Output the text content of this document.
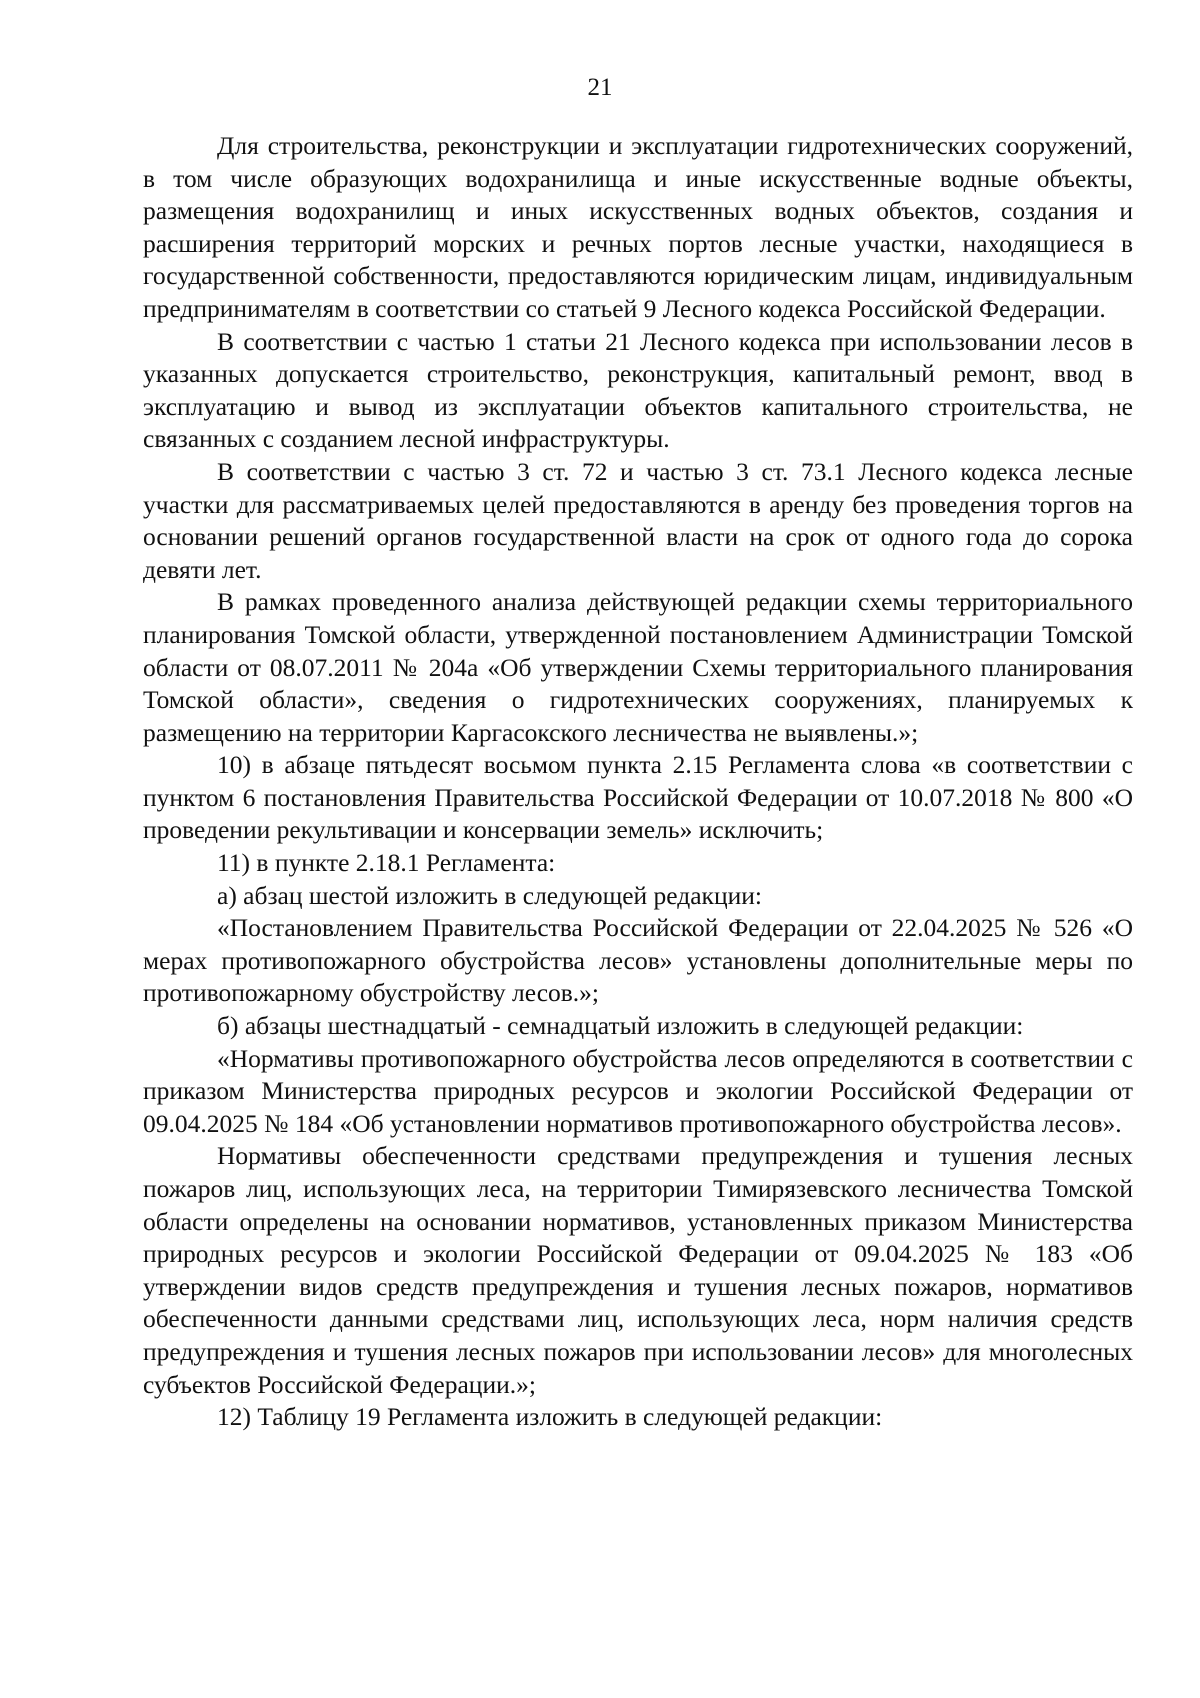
21

Для строительства, реконструкции и эксплуатации гидротехнических сооружений, в том числе образующих водохранилища и иные искусственные водные объекты, размещения водохранилищ и иных искусственных водных объектов, создания и расширения территорий морских и речных портов лесные участки, находящиеся в государственной собственности, предоставляются юридическим лицам, индивидуальным предпринимателям в соответствии со статьей 9 Лесного кодекса Российской Федерации.

В соответствии с частью 1 статьи 21 Лесного кодекса при использовании лесов в указанных допускается строительство, реконструкция, капитальный ремонт, ввод в эксплуатацию и вывод из эксплуатации объектов капитального строительства, не связанных с созданием лесной инфраструктуры.

В соответствии с частью 3 ст. 72 и частью 3 ст. 73.1 Лесного кодекса лесные участки для рассматриваемых целей предоставляются в аренду без проведения торгов на основании решений органов государственной власти на срок от одного года до сорока девяти лет.

В рамках проведенного анализа действующей редакции схемы территориального планирования Томской области, утвержденной постановлением Администрации Томской области от 08.07.2011 № 204а «Об утверждении Схемы территориального планирования Томской области», сведения о гидротехнических сооружениях, планируемых к размещению на территории Каргасокского лесничества не выявлены.»;

10) в абзаце пятьдесят восьмом пункта 2.15 Регламента слова «в соответствии с пунктом 6 постановления Правительства Российской Федерации от 10.07.2018 № 800 «О проведении рекультивации и консервации земель» исключить;

11) в пункте 2.18.1 Регламента:

а) абзац шестой изложить в следующей редакции:

«Постановлением Правительства Российской Федерации от 22.04.2025 № 526 «О мерах противопожарного обустройства лесов» установлены дополнительные меры по противопожарному обустройству лесов.»;

б) абзацы шестнадцатый - семнадцатый изложить в следующей редакции:

«Нормативы противопожарного обустройства лесов определяются в соответствии с приказом Министерства природных ресурсов и экологии Российской Федерации от 09.04.2025 № 184 «Об установлении нормативов противопожарного обустройства лесов».

Нормативы обеспеченности средствами предупреждения и тушения лесных пожаров лиц, использующих леса, на территории Тимирязевского лесничества Томской области определены на основании нормативов, установленных приказом Министерства природных ресурсов и экологии Российской Федерации от 09.04.2025 № 183 «Об утверждении видов средств предупреждения и тушения лесных пожаров, нормативов обеспеченности данными средствами лиц, использующих леса, норм наличия средств предупреждения и тушения лесных пожаров при использовании лесов» для многолесных субъектов Российской Федерации.»;

12) Таблицу 19 Регламента изложить в следующей редакции:
